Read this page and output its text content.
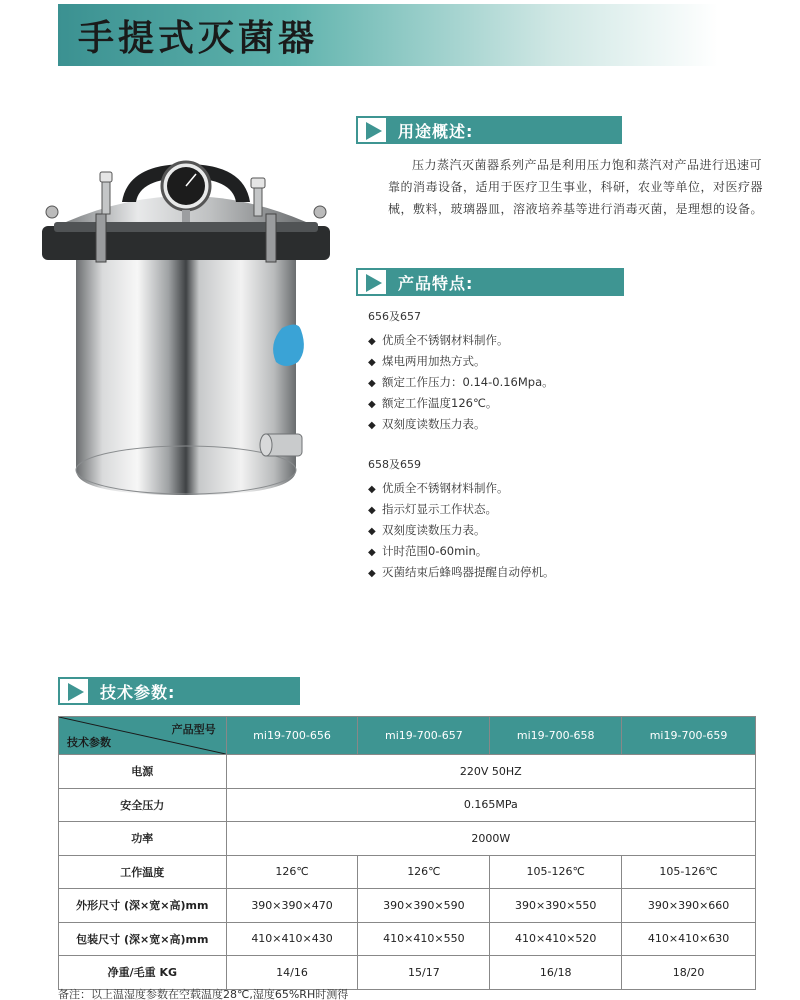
手提式灭菌器
用途概述:
压力蒸汽灭菌器系列产品是利用压力饱和蒸汽对产品进行迅速可靠的消毒设备，适用于医疗卫生事业，科研，农业等单位，对医疗器械，敷料，玻璃器皿，溶液培养基等进行消毒灭菌，是理想的设备。
产品特点:
656及657
◆ 优质全不锈钢材料制作。
◆ 煤电两用加热方式。
◆ 额定工作压力：0.14-0.16Mpa。
◆ 额定工作温度126℃。
◆ 双刻度读数压力表。
658及659
◆ 优质全不锈钢材料制作。
◆ 指示灯显示工作状态。
◆ 双刻度读数压力表。
◆ 计时范围0-60min。
◆ 灭菌结束后蜂鸣器提醒自动停机。
技术参数:
产品型号
技术参数	mi19-700-656	mi19-700-657	mi19-700-658	mi19-700-659
电源	220V 50HZ			
安全压力	0.165MPa			
功率	2000W			
工作温度	126℃	126℃	105-126℃	105-126℃
外形尺寸 (深×宽×高)mm	390×390×470	390×390×590	390×390×550	390×390×660
包装尺寸 (深×宽×高)mm	410×410×430	410×410×550	410×410×520	410×410×630
净重/毛重 KG	14/16	15/17	16/18	18/20
备注：以上温湿度参数在空载温度28℃,湿度65%RH时测得
